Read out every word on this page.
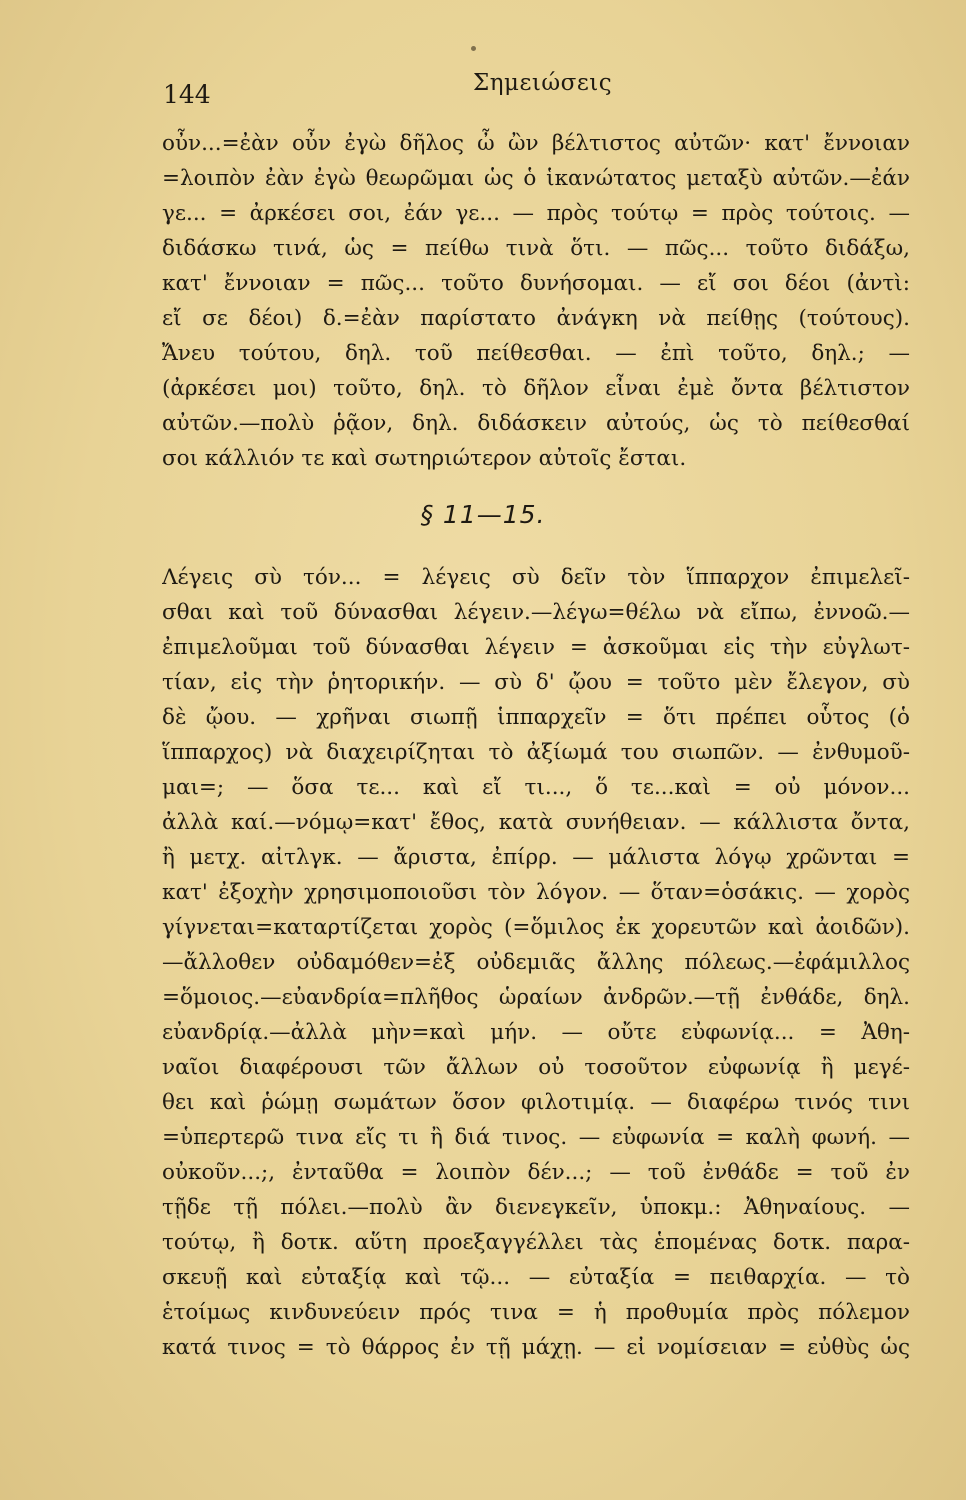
144	Σημειώσεις
οὖν...=ἐὰν οὖν ἐγὼ δῆλος ὦ ὢν βέλτιστος αὐτῶν· κατ' ἔννοιαν
=λοιπὸν ἐὰν ἐγὼ θεωρῶμαι ὡς ὁ ἱκανώτατος μεταξὺ αὐτῶν.—ἐάν
γε... = ἀρκέσει σοι, ἐάν γε... — πρὸς τούτῳ = πρὸς τούτοις. —
διδάσκω τινά, ὡς = πείθω τινὰ ὅτι. — πῶς... τοῦτο διδάξω,
κατ' ἔννοιαν = πῶς... τοῦτο δυνήσομαι. — εἴ σοι δέοι (ἀντὶ:
εἴ σε δέοι) δ.=ἐὰν παρίστατο ἀνάγκη νὰ πείθῃς (τούτους).
Ἄνευ τούτου, δηλ. τοῦ πείθεσθαι. — ἐπὶ τοῦτο, δηλ.; —
(ἀρκέσει μοι) τοῦτο, δηλ. τὸ δῆλον εἶναι ἐμὲ ὄντα βέλτιστον
αὐτῶν.—πολὺ ῥᾷον, δηλ. διδάσκειν αὐτούς, ὡς τὸ πείθεσθαί
σοι κάλλιόν τε καὶ σωτηριώτερον αὐτοῖς ἔσται.
§ 11—15.
Λέγεις σὺ τόν... = λέγεις σὺ δεῖν τὸν ἵππαρχον ἐπιμελεῖ-
σθαι καὶ τοῦ δύνασθαι λέγειν.—λέγω=θέλω νὰ εἴπω, ἐννοῶ.—
ἐπιμελοῦμαι τοῦ δύνασθαι λέγειν = ἀσκοῦμαι εἰς τὴν εὐγλωτ-
τίαν, εἰς τὴν ῥητορικήν. — σὺ δ' ᾤου = τοῦτο μὲν ἔλεγον, σὺ
δὲ ᾤου. — χρῆναι σιωπῇ ἱππαρχεῖν = ὅτι πρέπει οὗτος (ὁ
ἵππαρχος) νὰ διαχειρίζηται τὸ ἀξίωμά του σιωπῶν. — ἐνθυμοῦ-
μαι=; — ὅσα τε... καὶ εἴ τι..., ὅ τε...καὶ = οὐ μόνον...
ἀλλὰ καί.—νόμῳ=κατ' ἔθος, κατὰ συνήθειαν. — κάλλιστα ὄντα,
ἢ μετχ. αἰτλγκ. — ἄριστα, ἐπίρρ. — μάλιστα λόγῳ χρῶνται =
κατ' ἐξοχὴν χρησιμοποιοῦσι τὸν λόγον. — ὅταν=ὁσάκις. — χορὸς
γίγνεται=καταρτίζεται χορὸς (=ὅμιλος ἐκ χορευτῶν καὶ ἀοιδῶν).
—ἄλλοθεν οὐδαμόθεν=ἐξ οὐδεμιᾶς ἄλλης πόλεως.—ἐφάμιλλος
=ὅμοιος.—εὐανδρία=πλῆθος ὡραίων ἀνδρῶν.—τῇ ἐνθάδε, δηλ.
εὐανδρίᾳ.—ἀλλὰ μὴν=καὶ μήν. — οὔτε εὐφωνίᾳ... = Ἀθη-
ναῖοι διαφέρουσι τῶν ἄλλων οὐ τοσοῦτον εὐφωνίᾳ ἢ μεγέ-
θει καὶ ῥώμῃ σωμάτων ὅσον φιλοτιμίᾳ. — διαφέρω τινός τινι
=ὑπερτερῶ τινα εἴς τι ἢ διά τινος. — εὐφωνία = καλὴ φωνή. —
οὐκοῦν...;, ἐνταῦθα = λοιπὸν δέν...; — τοῦ ἐνθάδε = τοῦ ἐν
τῇδε τῇ πόλει.—πολὺ ἂν διενεγκεῖν, ὑποκμ.: Ἀθηναίους. —
τούτῳ, ἢ δοτκ. αὕτη προεξαγγέλλει τὰς ἑπομένας δοτκ. παρα-
σκευῇ καὶ εὐταξίᾳ καὶ τῷ... — εὐταξία = πειθαρχία. — τὸ
ἑτοίμως κινδυνεύειν πρός τινα = ἡ προθυμία πρὸς πόλεμον
κατά τινος = τὸ θάρρος ἐν τῇ μάχῃ. — εἰ νομίσειαν = εὐθὺς ὡς
